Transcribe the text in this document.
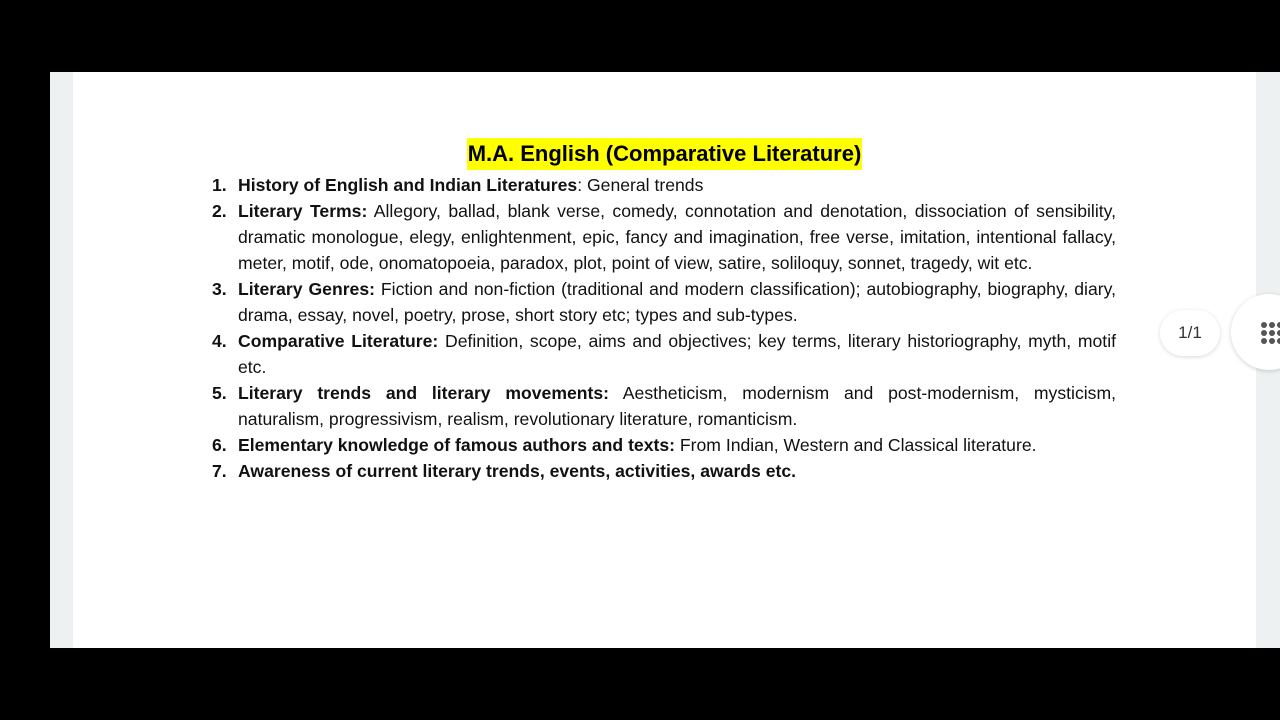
M.A. English (Comparative Literature)
1. History of English and Indian Literatures: General trends
2. Literary Terms: Allegory, ballad, blank verse, comedy, connotation and denotation, dissociation of sensibility, dramatic monologue, elegy, enlightenment, epic, fancy and imagination, free verse, imitation, intentional fallacy, meter, motif, ode, onomatopoeia, paradox, plot, point of view, satire, soliloquy, sonnet, tragedy, wit etc.
3. Literary Genres: Fiction and non-fiction (traditional and modern classification); autobiography, biography, diary, drama, essay, novel, poetry, prose, short story etc; types and sub-types.
4. Comparative Literature: Definition, scope, aims and objectives; key terms, literary historiography, myth, motif etc.
5. Literary trends and literary movements: Aestheticism, modernism and post-modernism, mysticism, naturalism, progressivism, realism, revolutionary literature, romanticism.
6. Elementary knowledge of famous authors and texts: From Indian, Western and Classical literature.
7. Awareness of current literary trends, events, activities, awards etc.
1/1
